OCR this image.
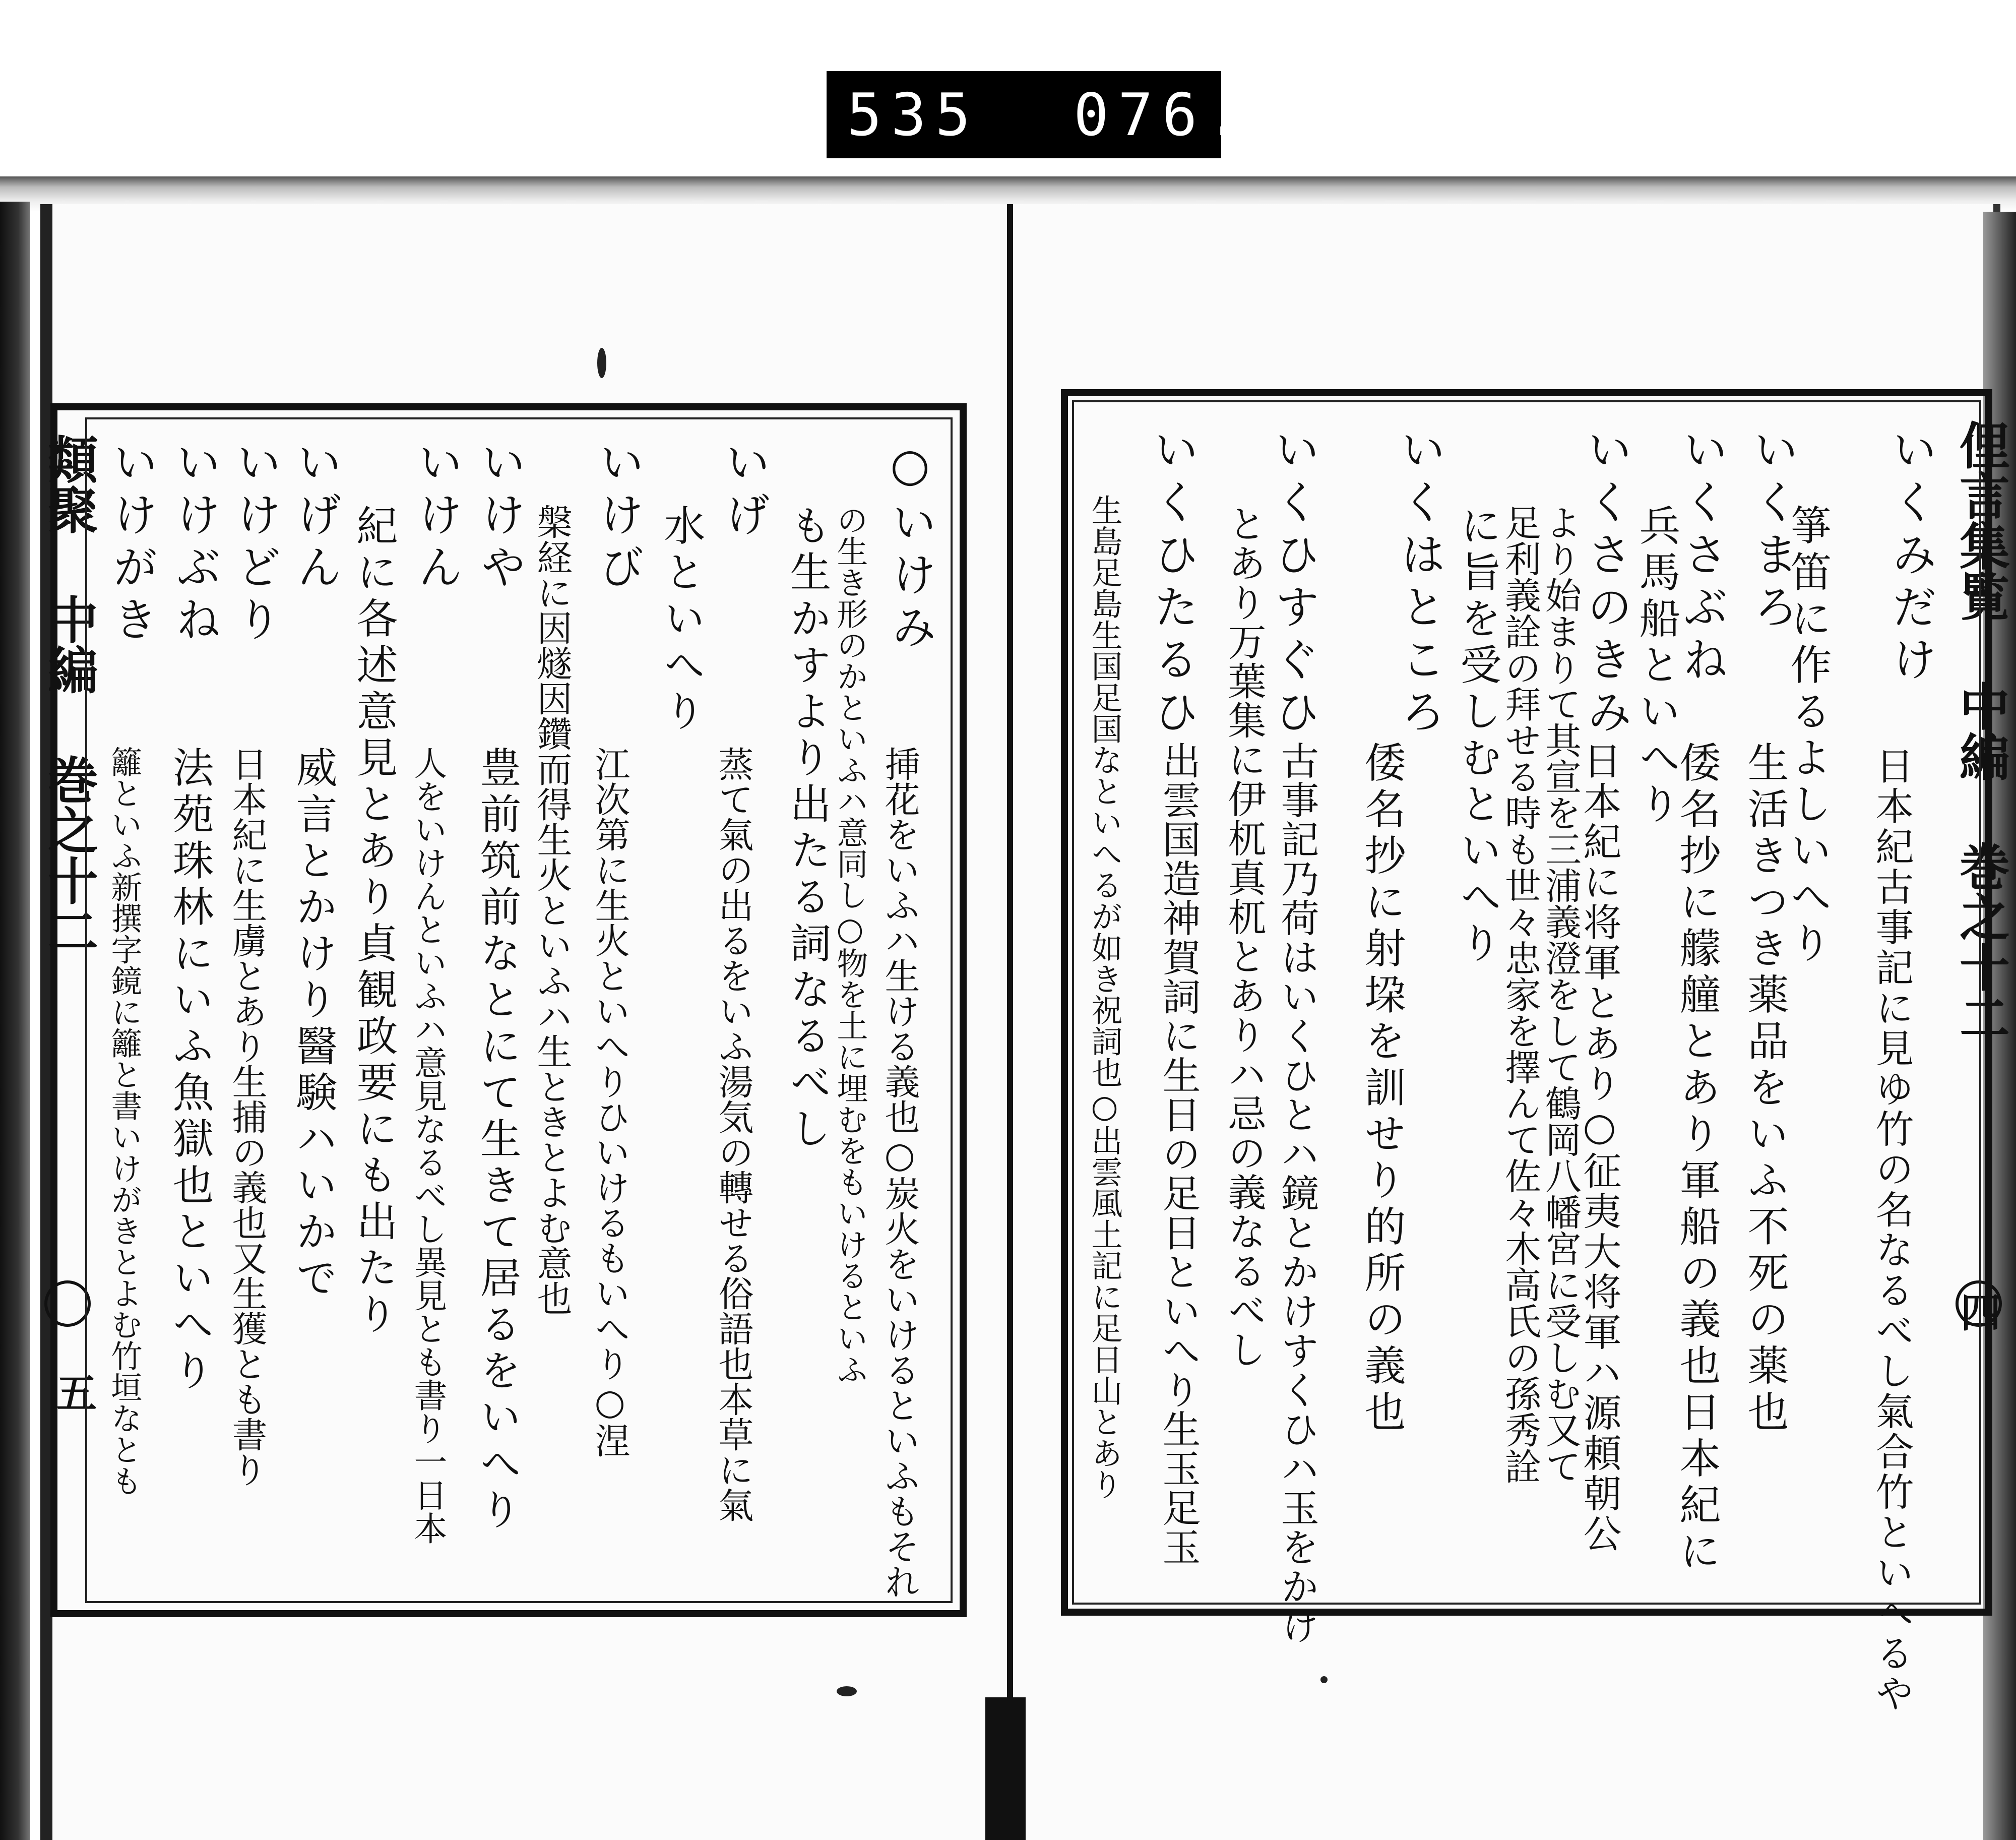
535 076.
類聚 中編 巻之十二
五
俚言集覧 中編 巻之十二
四
いくみだけ
日本紀古事記に見ゆ竹の名なるべし氣合竹といへるや
箏笛に作るよしいへり
いくまろ
生活きつき薬品をいふ不死の薬也
いくさぶね
倭名抄に艨艟とあり軍船の義也日本紀に
兵馬船といへり
いくさのきみ
日本紀に将軍とあり○征夷大将軍ハ源頼朝公
より始まりて其宣を三浦義澄をして鶴岡八幡宮に受しむ又て
足利義詮の拜せる時も世々忠家を擇んて佐々木高氏の孫秀詮
に旨を受しむといへり
いくはところ
倭名抄に射垜を訓せり的所の義也
いくひすぐひ
古事記乃荷はいくひとハ鏡とかけすくひハ玉をかけ
とあり万葉集に伊杌真杌とありハ忌の義なるべし
いくひたるひ
出雲国造神賀詞に生日の足日といへり生玉足玉
生島足島生国足国なといへるが如き祝詞也○出雲風土記に足日山とあり
○いけみ
挿花をいふハ生ける義也○炭火をいけるといふもそれ
の生き形のかといふハ意同し○物を土に埋むをもいけるといふ
も生かすより出たる詞なるべし
いげ
蒸て氣の出るをいふ湯気の轉せる俗語也本草に氣
水といへり
いけび
江次第に生火といへりひいけるもいへり○涅
槃経に因燧因鑽而得生火といふハ生ときとよむ意也
いけや
豊前筑前なとにて生きて居るをいへり
いけん
人をいけんといふハ意見なるべし異見とも書り一日本
紀に各述意見とあり貞観政要にも出たり
いげん
威言とかけり醫験ハいかで
いけどり
日本紀に生虜とあり生捕の義也又生獲とも書り
いけぶね
法苑珠林にいふ魚獄也といへり
いけがき
籬といふ新撰字鏡に籬と書いけがきとよむ竹垣なとも
